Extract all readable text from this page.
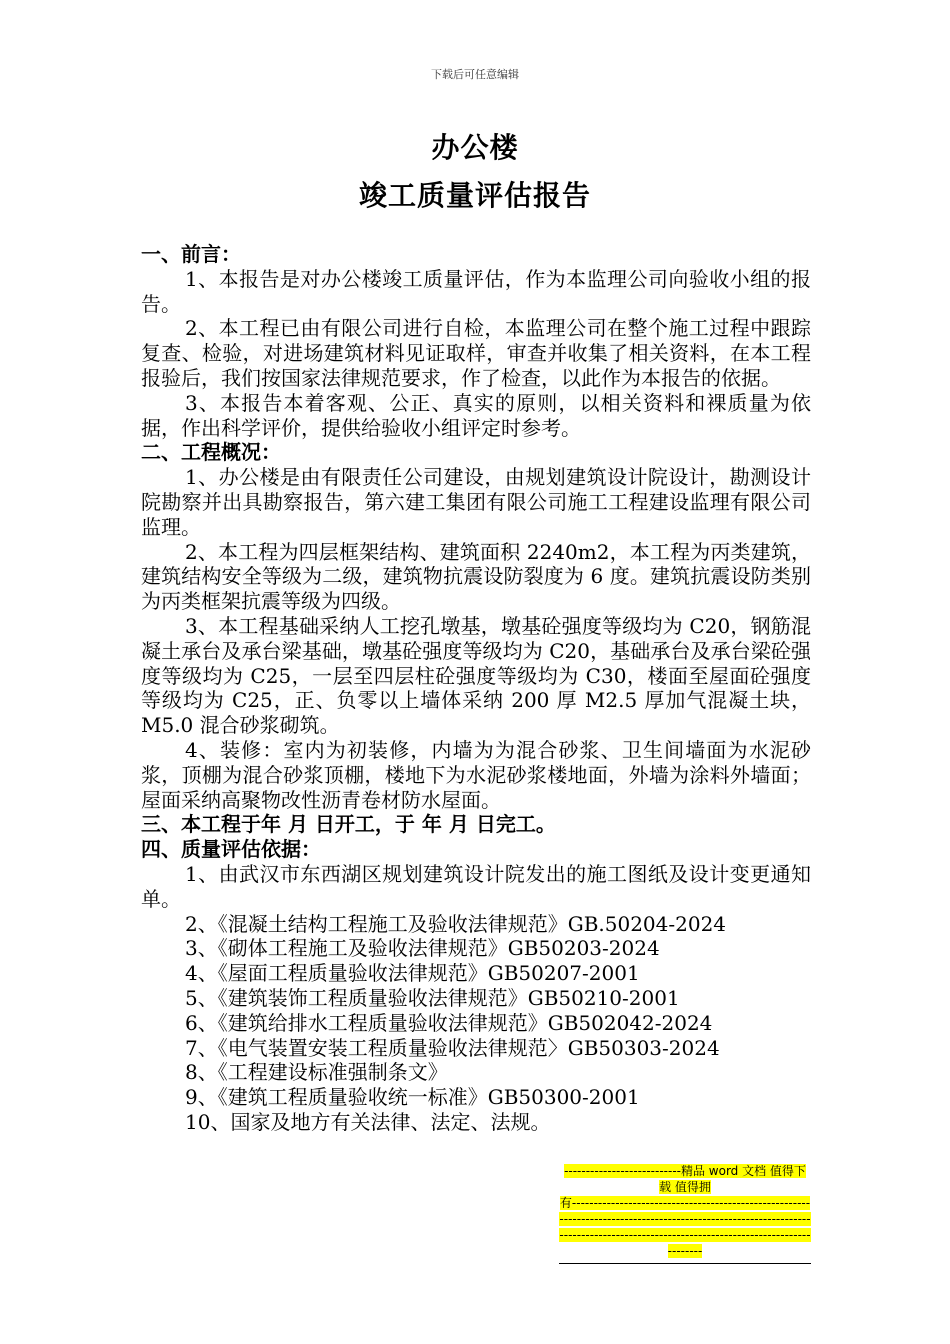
下载后可任意编辑
办公楼
竣工质量评估报告

一、前言：

1、本报告是对办公楼竣工质量评估，作为本监理公司向验收小组的报告。

2、本工程已由有限公司进行自检，本监理公司在整个施工过程中跟踪复查、检验，对进场建筑材料见证取样，审查并收集了相关资料，在本工程报验后，我们按国家法律规范要求，作了检查，以此作为本报告的依据。

3、本报告本着客观、公正、真实的原则，以相关资料和裸质量为依据，作出科学评价，提供给验收小组评定时参考。

二、工程概况：

1、办公楼是由有限责任公司建设，由规划建筑设计院设计，勘测设计院勘察并出具勘察报告，第六建工集团有限公司施工工程建设监理有限公司监理。

2、本工程为四层框架结构、建筑面积 2240m2，本工程为丙类建筑，建筑结构安全等级为二级，建筑物抗震设防裂度为 6 度。建筑抗震设防类别为丙类框架抗震等级为四级。

3、本工程基础采纳人工挖孔墩基，墩基砼强度等级均为 C20，钢筋混凝土承台及承台梁基础，墩基砼强度等级均为 C20，基础承台及承台梁砼强度等级均为 C25，一层至四层柱砼强度等级均为 C30，楼面至屋面砼强度等级均为 C25，正、负零以上墙体采纳 200 厚 M2.5 厚加气混凝土块，M5.0 混合砂浆砌筑。

4、装修：室内为初装修，内墙为为混合砂浆、卫生间墙面为水泥砂浆，顶棚为混合砂浆顶棚，楼地下为水泥砂浆楼地面，外墙为涂料外墙面；屋面采纳高聚物改性沥青卷材防水屋面。

三、本工程于年 月 日开工，于 年 月 日完工。

四、质量评估依据：

1、由武汉市东西湖区规划建筑设计院发出的施工图纸及设计变更通知单。

2、《混凝土结构工程施工及验收法律规范》GB.50204-2024

3、《砌体工程施工及验收法律规范》GB50203-2024

4、《屋面工程质量验收法律规范》GB50207-2001

5、《建筑装饰工程质量验收法律规范》GB50210-2001

6、《建筑给排水工程质量验收法律规范》GB502042-2024

7、《电气装置安装工程质量验收法律规范〉GB50303-2024

8、《工程建设标准强制条文》

9、《建筑工程质量验收统一标准》GB50300-2001

10、国家及地方有关法律、法定、法规。

---------------------------精品 word 文档 值得下载 值得拥
有-----------------------------------------------------------------------------------------------------------------------------------------------------------------------------------
